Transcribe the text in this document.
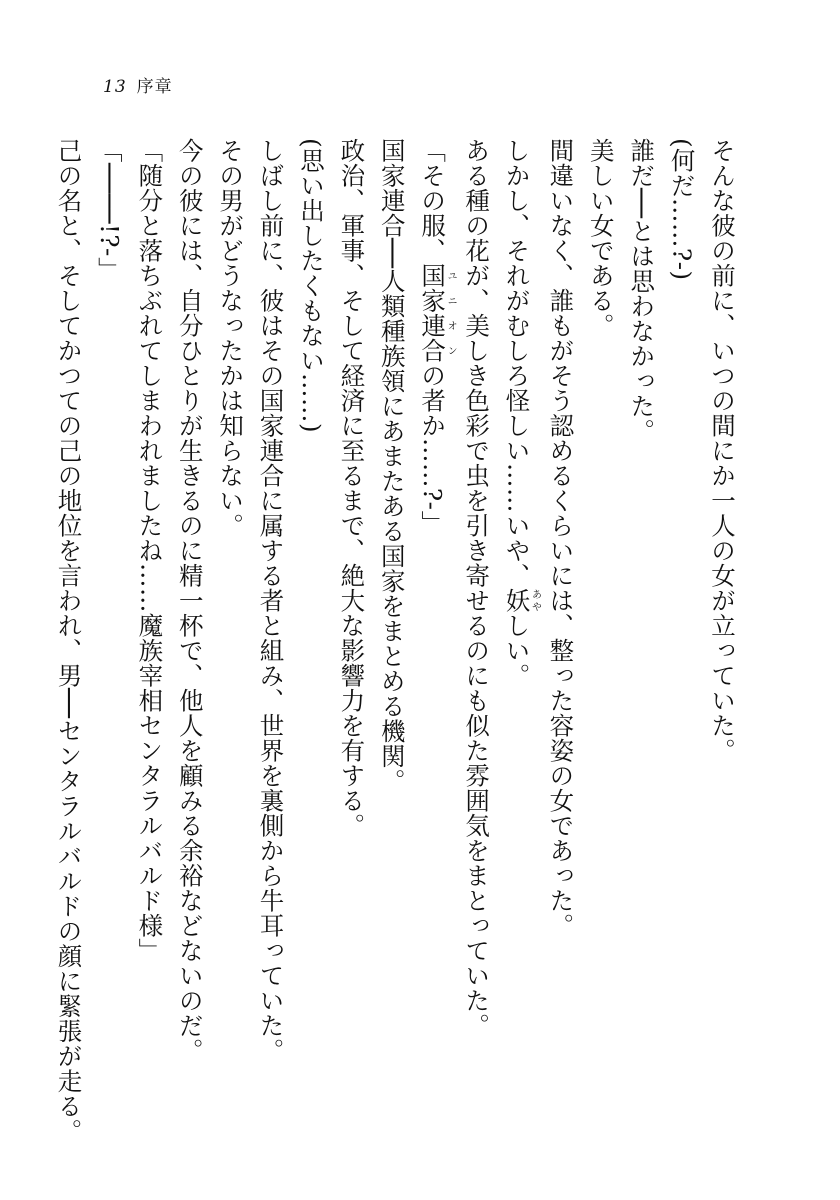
13 序章
そんな彼の前に、いつの間にか一人の女が立っていた。
(何だ……?-)
誰だ──とは思わなかった。
美しい女である。
間違いなく、誰もがそう認めるくらいには、整った容姿の女であった。
しかし、それがむしろ怪しい……いや、妖あやしい。
ある種の花が、美しき色彩で虫を引き寄せるのにも似た雰囲気をまとっていた。
「その服、国家連合ユニオンの者か……?-」
国家連合──人類種族領にあまたある国家をまとめる機関。
政治、軍事、そして経済に至るまで、絶大な影響力を有する。
(思い出したくもない……)
しばし前に、彼はその国家連合に属する者と組み、世界を裏側から牛耳っていた。
その男がどうなったかは知らない。
今の彼には、自分ひとりが生きるのに精一杯で、他人を顧みる余裕などないのだ。
「随分と落ちぶれてしまわれましたね……魔族宰相センタラルバルド様」
「────!?-」
己の名と、そしてかつての己の地位を言われ、男──センタラルバルドの顔に緊張が走る。
